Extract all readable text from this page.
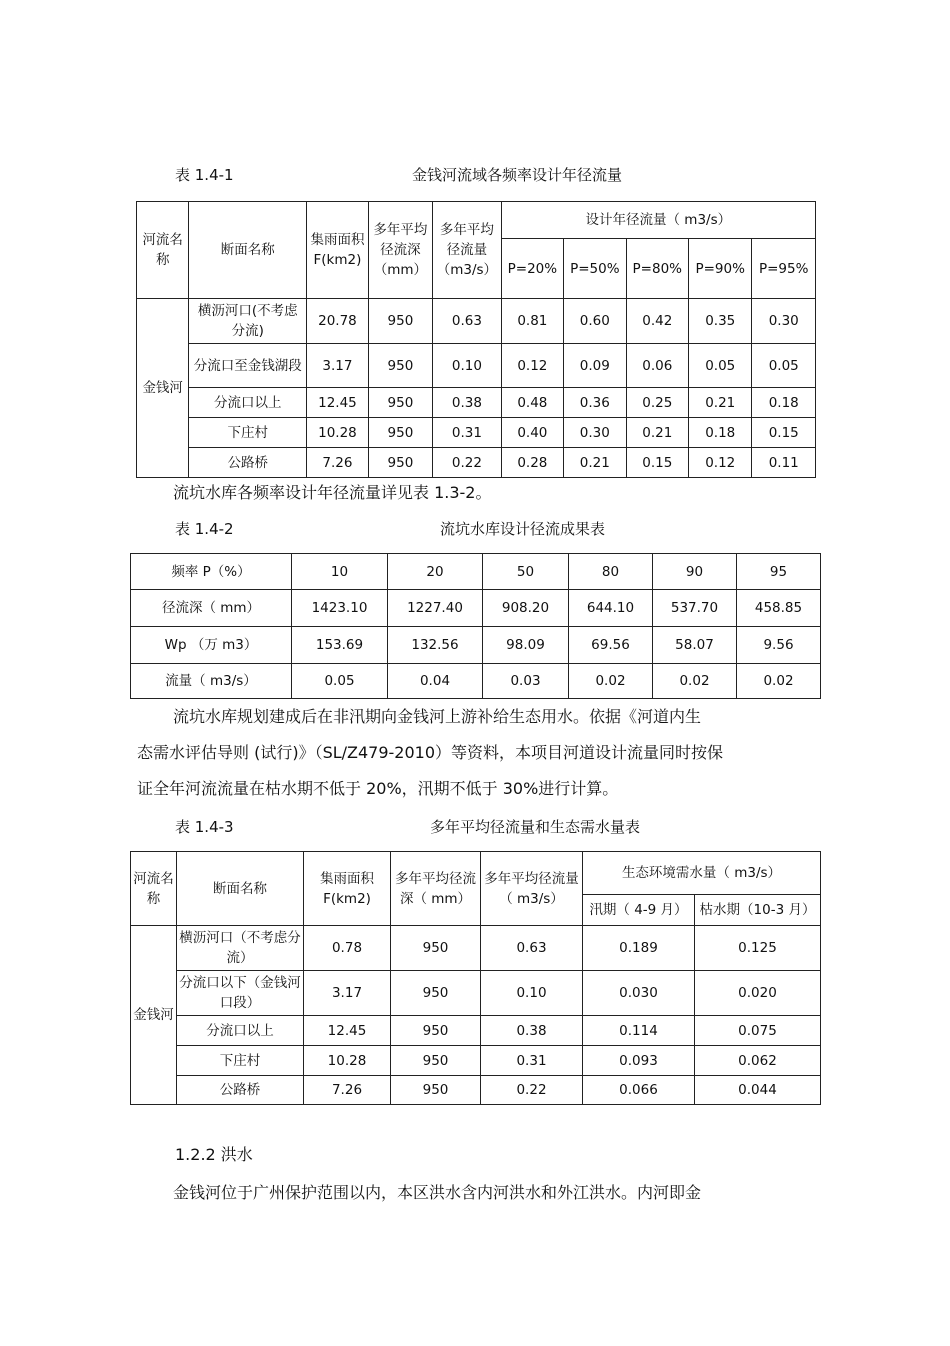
表 1.4-1	金钱河流域各频率设计年径流量
河流名称	断面名称	集雨面积F(km2)	多年平均径流深（mm）	多年平均径流量（m3/s）	设计年径流量（ m3/s）				
					P=20%	P=50%	P=80%	P=90%	P=95%
金钱河	横沥河口(不考虑分流)	20.78	950	0.63	0.81	0.60	0.42	0.35	0.30
	分流口至金钱湖段	3.17	950	0.10	0.12	0.09	0.06	0.05	0.05
	分流口以上	12.45	950	0.38	0.48	0.36	0.25	0.21	0.18
	下庄村	10.28	950	0.31	0.40	0.30	0.21	0.18	0.15
	公路桥	7.26	950	0.22	0.28	0.21	0.15	0.12	0.11
流坑水库各频率设计年径流量详见表 1.3-2。
表 1.4-2	流坑水库设计径流成果表
频率 P（%）	10	20	50	80	90	95
径流深（ mm）	1423.10	1227.40	908.20	644.10	537.70	458.85
Wp （万 m3）	153.69	132.56	98.09	69.56	58.07	9.56
流量（ m3/s）	0.05	0.04	0.03	0.02	0.02	0.02
流坑水库规划建成后在非汛期向金钱河上游补给生态用水。依据《河道内生
态需水评估导则 (试行)》（SL/Z479-2010）等资料，本项目河道设计流量同时按保
证全年河流流量在枯水期不低于 20%，汛期不低于 30%进行计算。
表 1.4-3	多年平均径流量和生态需水量表
河流名称	断面名称	集雨面积F(km2)	多年平均径流深（ mm）	多年平均径流量（ m3/s）	生态环境需水量（ m3/s）	
					汛期（ 4-9 月）	枯水期（10-3 月）
金钱河	横沥河口（不考虑分流）	0.78	950	0.63	0.189	0.125
	分流口以下（金钱河口段）	3.17	950	0.10	0.030	0.020
	分流口以上	12.45	950	0.38	0.114	0.075
	下庄村	10.28	950	0.31	0.093	0.062
	公路桥	7.26	950	0.22	0.066	0.044
1.2.2 洪水
金钱河位于广州保护范围以内，本区洪水含内河洪水和外江洪水。内河即金
